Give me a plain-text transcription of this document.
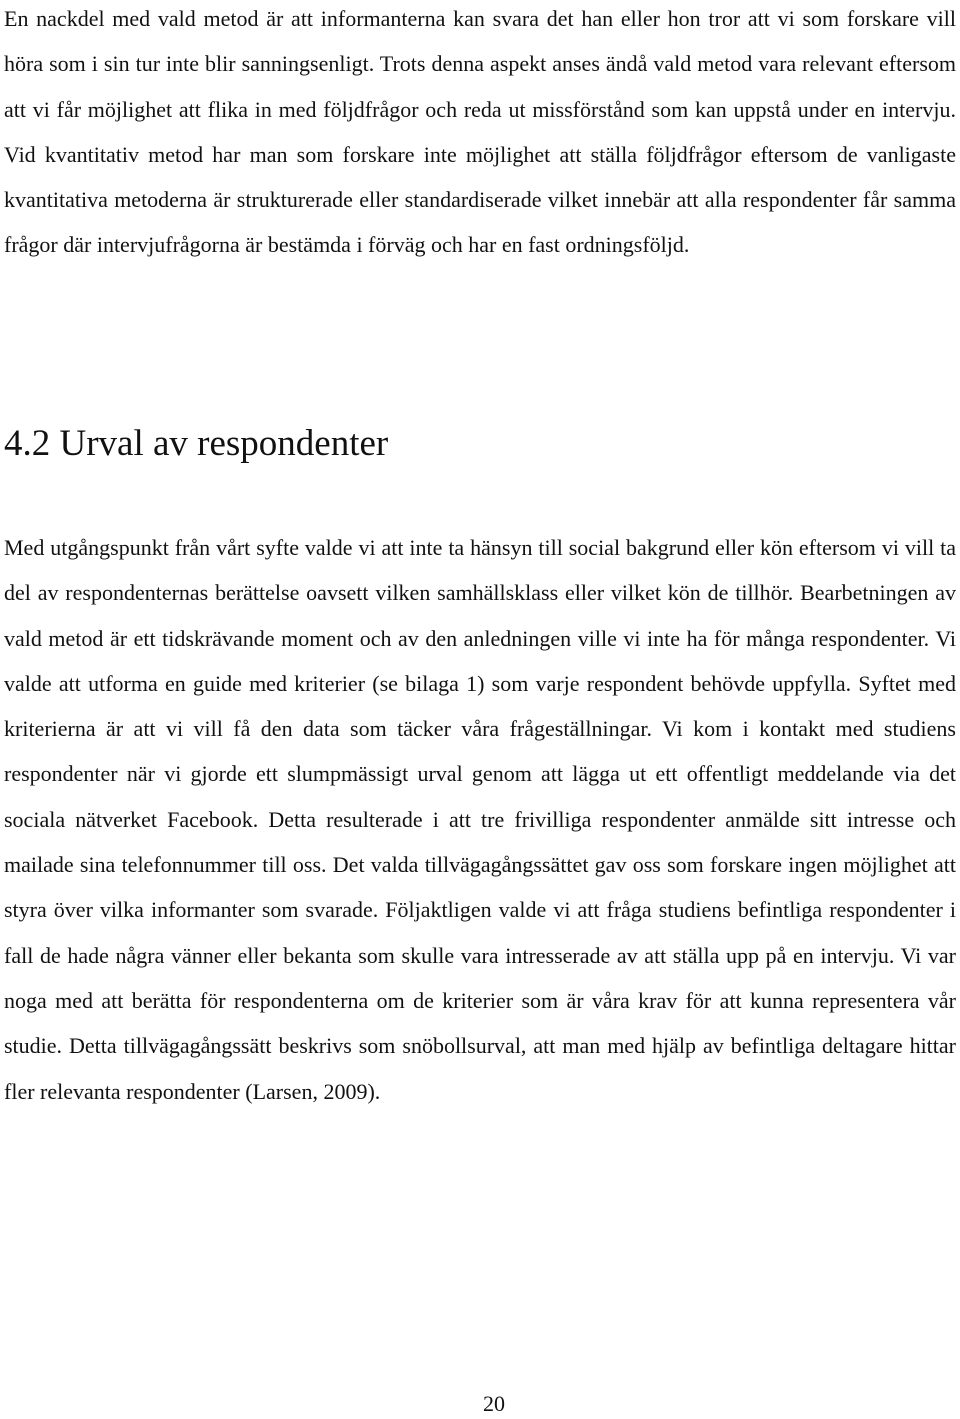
En nackdel med vald metod är att informanterna kan svara det han eller hon tror att vi som forskare vill höra som i sin tur inte blir sanningsenligt. Trots denna aspekt anses ändå vald metod vara relevant eftersom att vi får möjlighet att flika in med följdfrågor och reda ut missförstånd som kan uppstå under en intervju. Vid kvantitativ metod har man som forskare inte möjlighet att ställa följdfrågor eftersom de vanligaste kvantitativa metoderna är strukturerade eller standardiserade vilket innebär att alla respondenter får samma frågor där intervjufrågorna är bestämda i förväg och har en fast ordningsföljd.

4.2 Urval av respondenter

Med utgångspunkt från vårt syfte valde vi att inte ta hänsyn till social bakgrund eller kön eftersom vi vill ta del av respondenternas berättelse oavsett vilken samhällsklass eller vilket kön de tillhör. Bearbetningen av vald metod är ett tidskrävande moment och av den anledningen ville vi inte ha för många respondenter. Vi valde att utforma en guide med kriterier (se bilaga 1) som varje respondent behövde uppfylla. Syftet med kriterierna är att vi vill få den data som täcker våra frågeställningar. Vi kom i kontakt med studiens respondenter när vi gjorde ett slumpmässigt urval genom att lägga ut ett offentligt meddelande via det sociala nätverket Facebook. Detta resulterade i att tre frivilliga respondenter anmälde sitt intresse och mailade sina telefonnummer till oss. Det valda tillvägagångssättet gav oss som forskare ingen möjlighet att styra över vilka informanter som svarade. Följaktligen valde vi att fråga studiens befintliga respondenter i fall de hade några vänner eller bekanta som skulle vara intresserade av att ställa upp på en intervju. Vi var noga med att berätta för respondenterna om de kriterier som är våra krav för att kunna representera vår studie. Detta tillvägagångssätt beskrivs som snöbollsurval, att man med hjälp av befintliga deltagare hittar fler relevanta respondenter (Larsen, 2009).

20
